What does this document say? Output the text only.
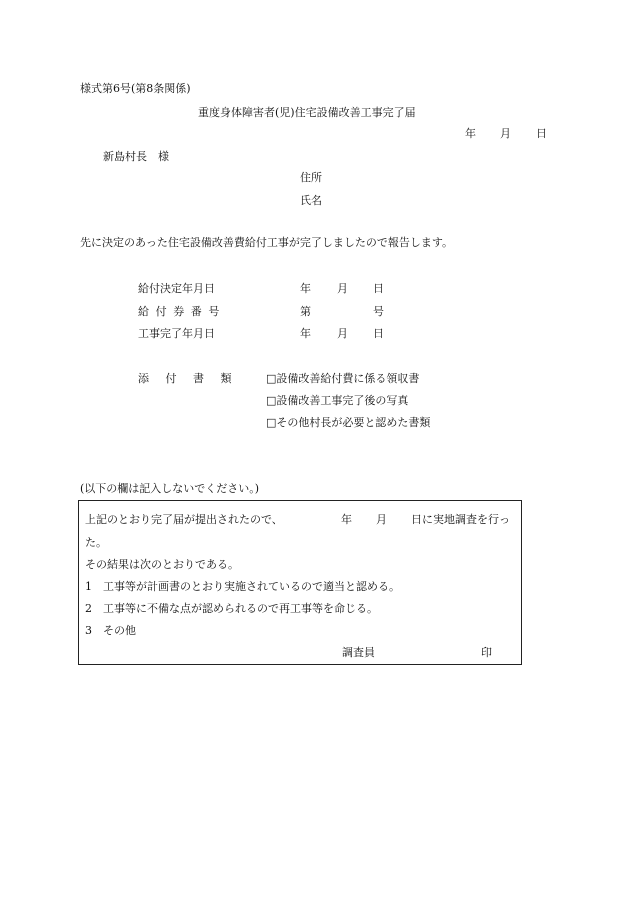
様式第6号(第8条関係)
重度身体障害者(児)住宅設備改善工事完了届
年 月 日
新島村長　様
住所
氏名
先に決定のあった住宅設備改善費給付工事が完了しましたので報告します。
給付決定年月日	年 月 日
給付券番号	第	号
工事完了年月日	年 月 日
添付書類 □設備改善給付費に係る領収書
□設備改善工事完了後の写真
□その他村長が必要と認めた書類
(以下の欄は記入しないでください。)
上記のとおり完了届が提出されたので、	年 月 日に実地調査を行っ
た。
その結果は次のとおりである。
1　工事等が計画書のとおり実施されているので適当と認める。
2　工事等に不備な点が認められるので再工事等を命じる。
3　その他
調査員	印
